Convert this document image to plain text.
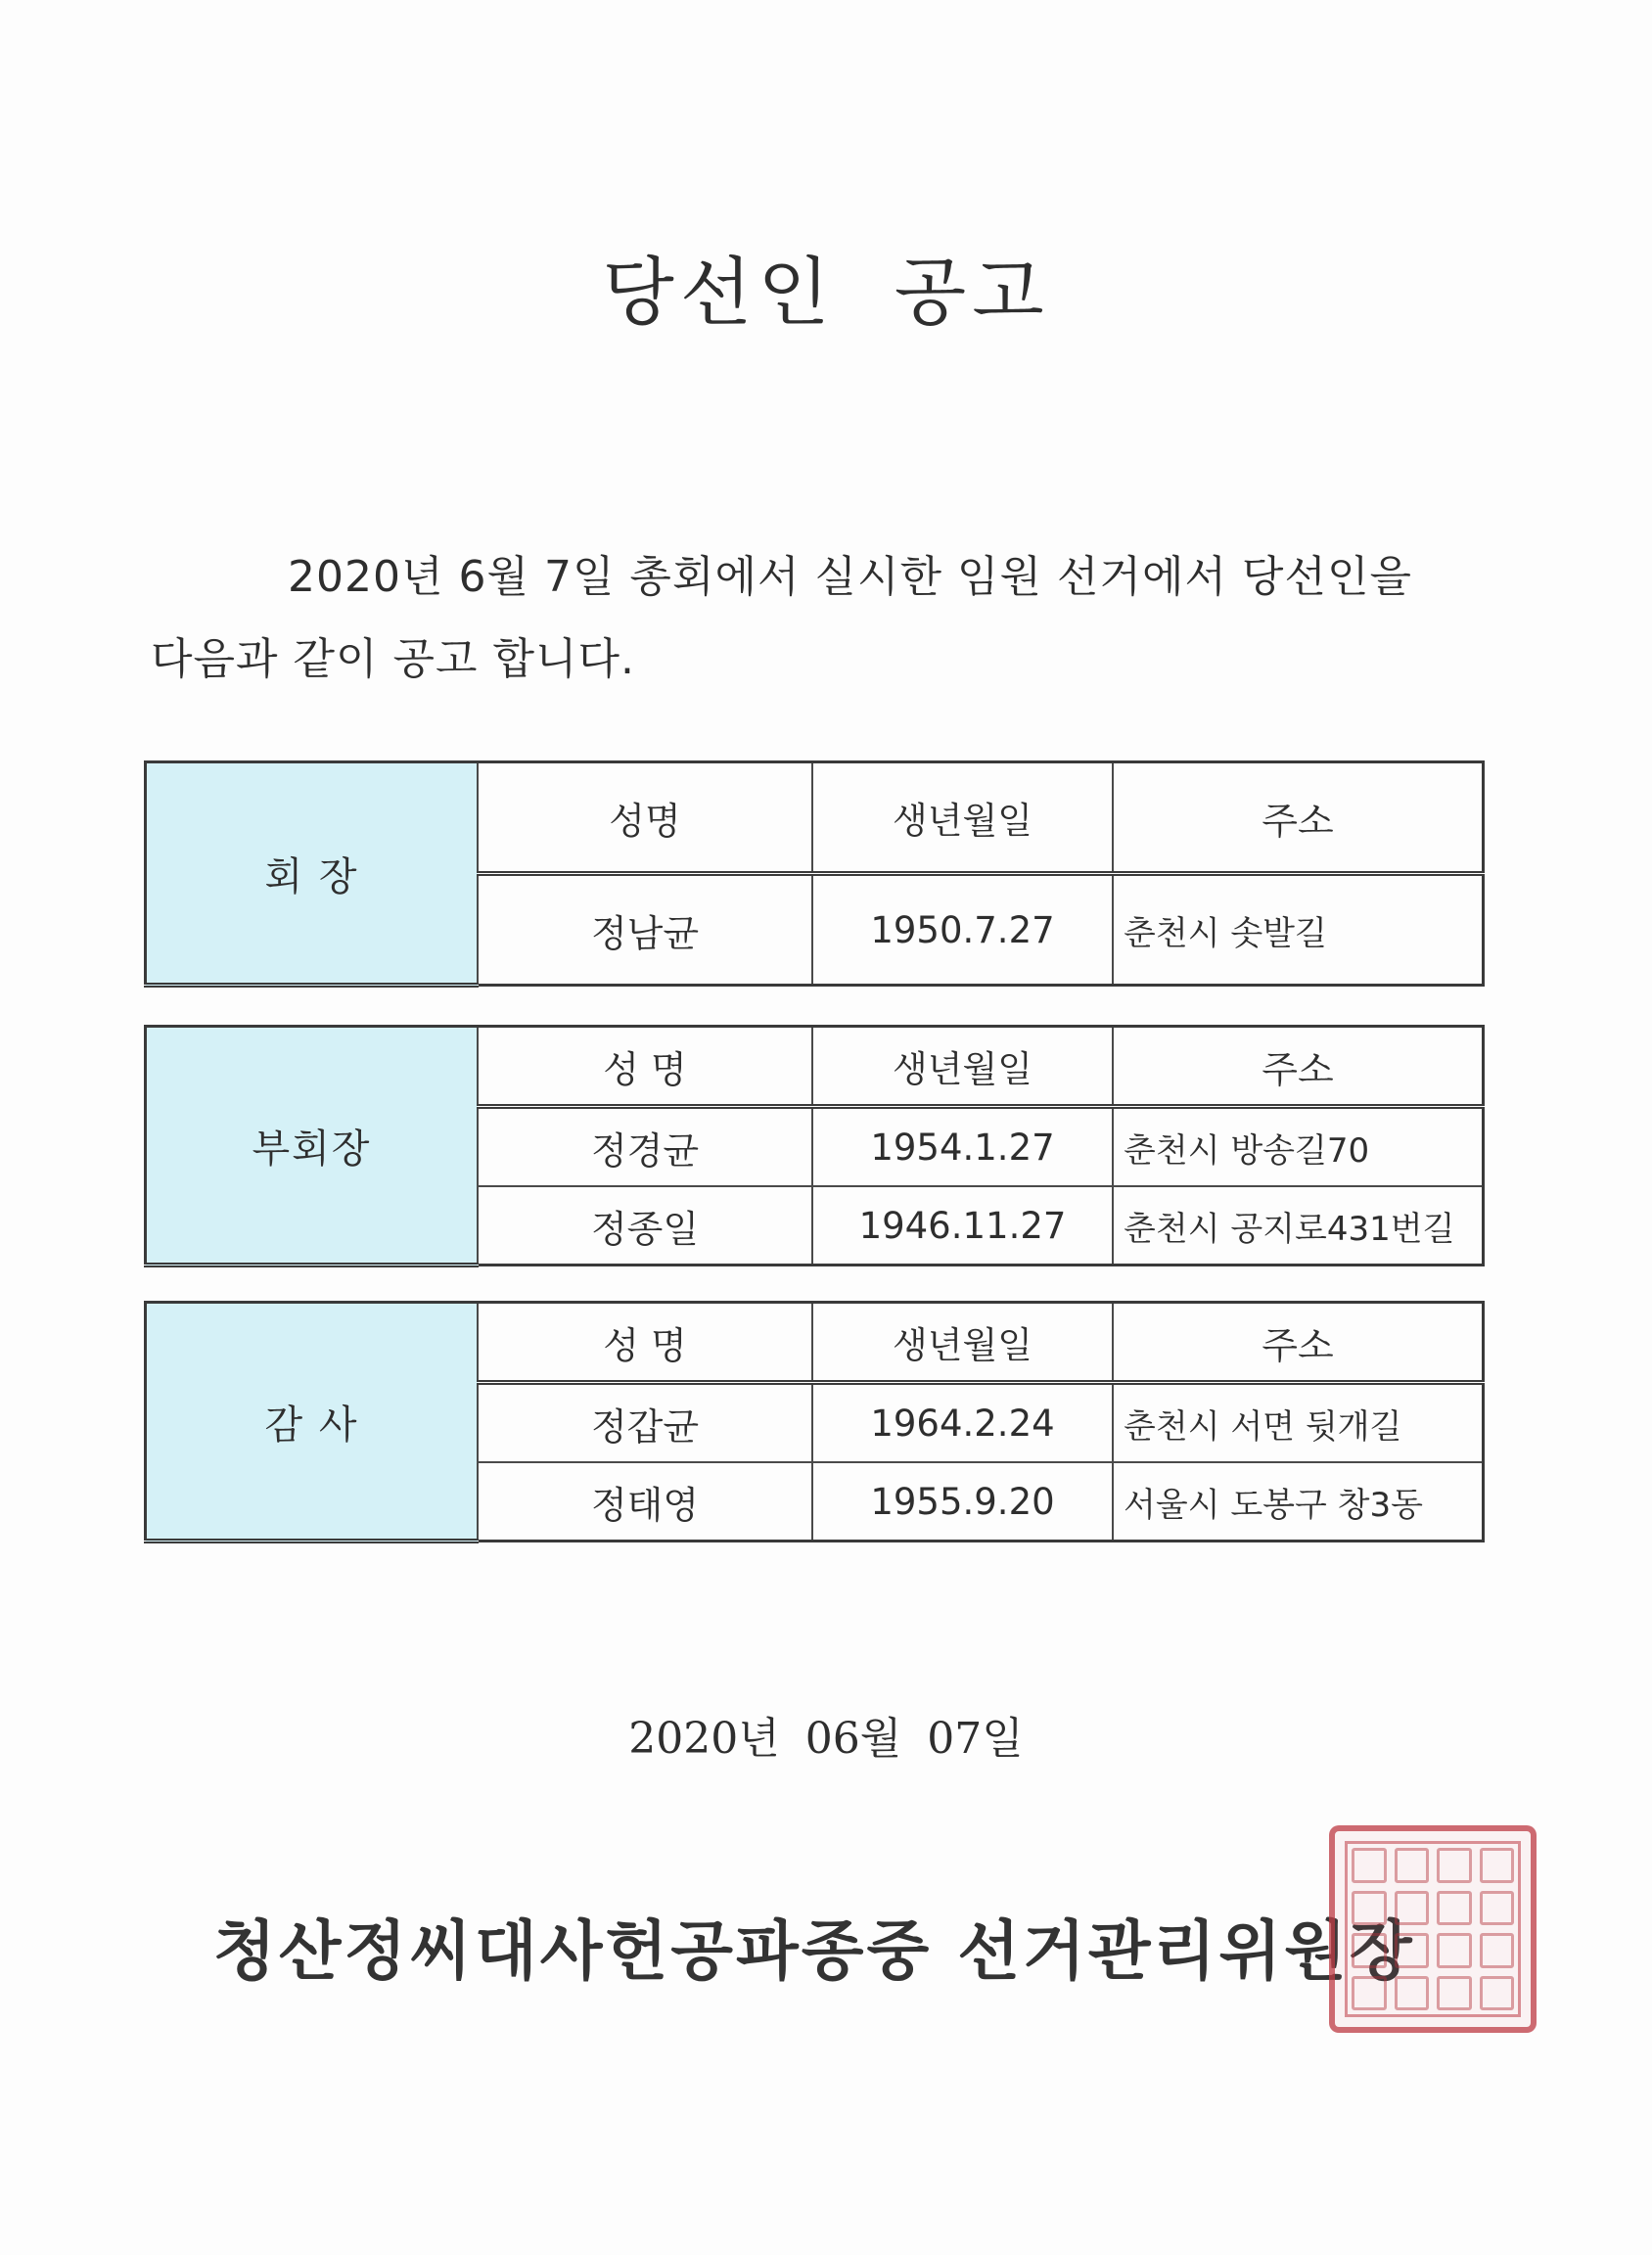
당선인 공고
2020년 6월 7일 총회에서 실시한 임원 선거에서 당선인을
다음과 같이 공고 합니다.
회 장	성명	생년월일	주소
	정남균	1950.7.27	춘천시 솟발길
부회장	성 명	생년월일	주소
	정경균	1954.1.27	춘천시 방송길70
	정종일	1946.11.27	춘천시 공지로431번길
감 사	성 명	생년월일	주소
	정갑균	1964.2.24	춘천시 서면 뒷개길
	정태영	1955.9.20	서울시 도봉구 창3동
2020년 06월 07일
청산정씨대사헌공파종중 선거관리위원장
